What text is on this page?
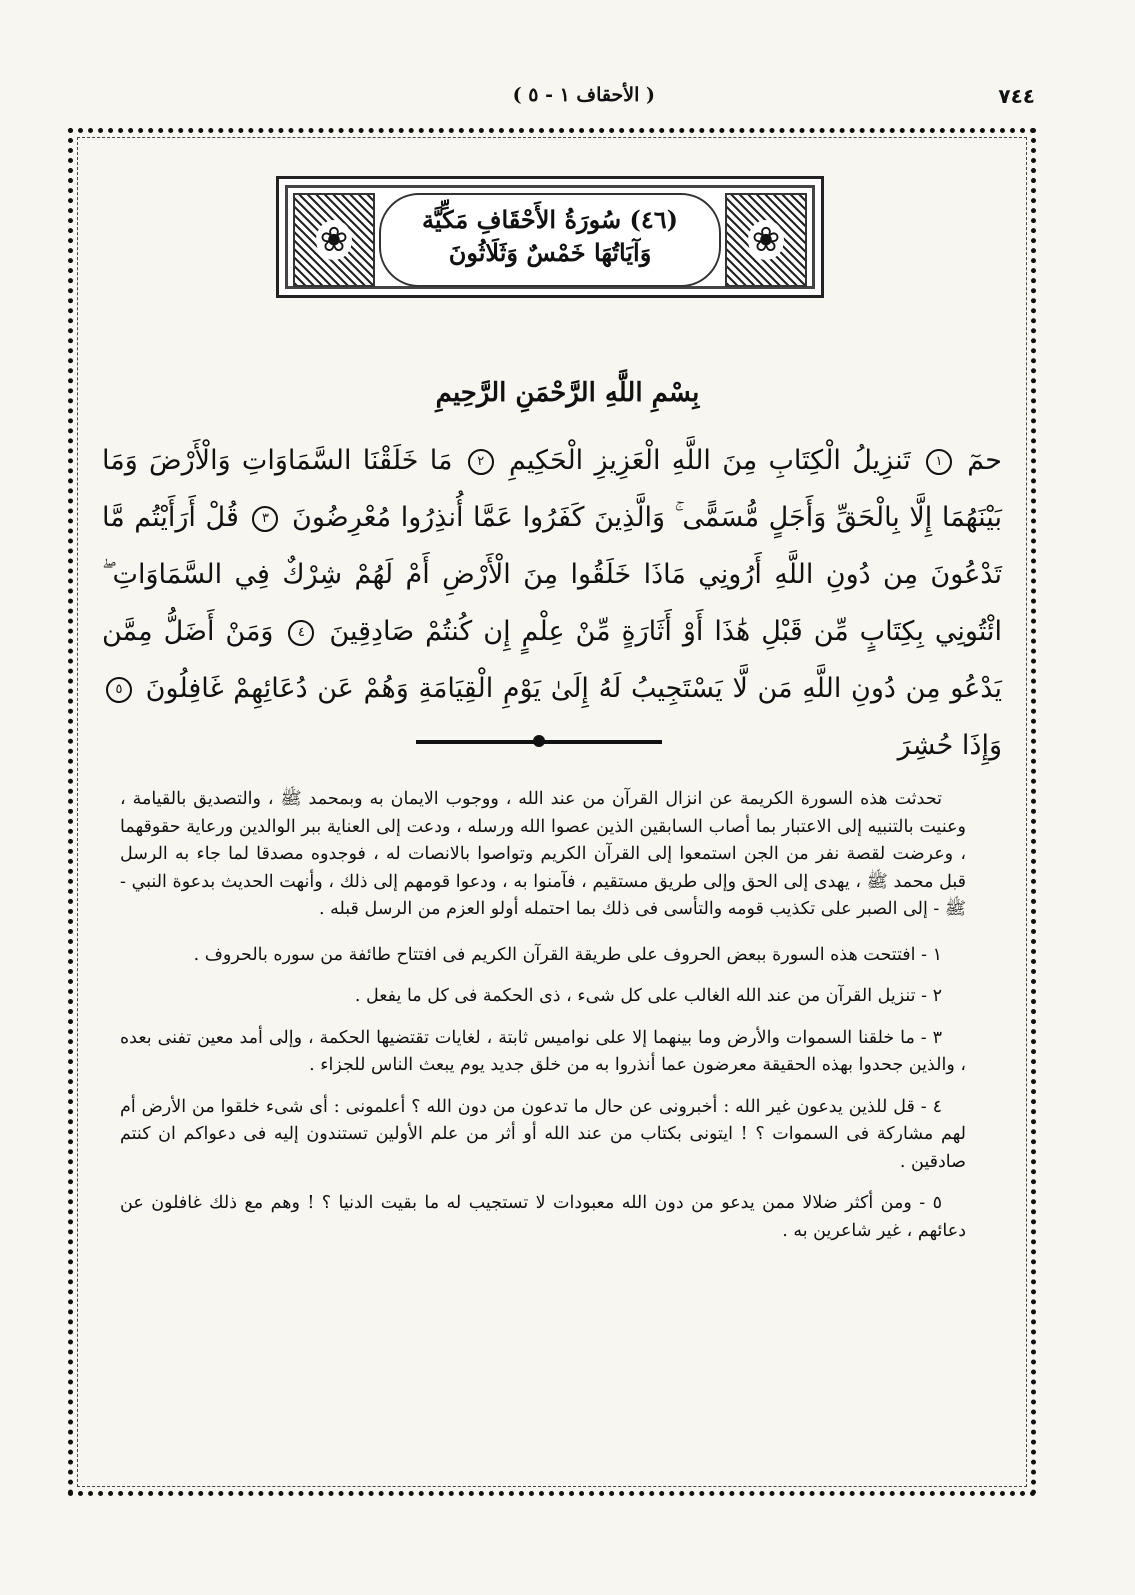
٧٤٤
( الأحقاف ١ - ٥ )
❀
(٤٦) سُورَةُ الأَحْقَافِ مَكِّيَّة
وَآيَاتُهَا خَمْسٌ وَثَلَاثُونَ
❀
بِسْمِ اللَّهِ الرَّحْمَنِ الرَّحِيمِ
حمٓ ١ تَنزِيلُ الْكِتَابِ مِنَ اللَّهِ الْعَزِيزِ الْحَكِيمِ ٢ مَا خَلَقْنَا السَّمَاوَاتِ وَالْأَرْضَ وَمَا بَيْنَهُمَا إِلَّا بِالْحَقِّ وَأَجَلٍ مُّسَمًّى ۚ وَالَّذِينَ كَفَرُوا عَمَّا أُنذِرُوا مُعْرِضُونَ ٣ قُلْ أَرَأَيْتُم مَّا تَدْعُونَ مِن دُونِ اللَّهِ أَرُونِي مَاذَا خَلَقُوا مِنَ الْأَرْضِ أَمْ لَهُمْ شِرْكٌ فِي السَّمَاوَاتِ ۖ ائْتُونِي بِكِتَابٍ مِّن قَبْلِ هَٰذَا أَوْ أَثَارَةٍ مِّنْ عِلْمٍ إِن كُنتُمْ صَادِقِينَ ٤ وَمَنْ أَضَلُّ مِمَّن يَدْعُو مِن دُونِ اللَّهِ مَن لَّا يَسْتَجِيبُ لَهُ إِلَىٰ يَوْمِ الْقِيَامَةِ وَهُمْ عَن دُعَائِهِمْ غَافِلُونَ ٥ وَإِذَا حُشِرَ

تحدثت هذه السورة الكريمة عن انزال القرآن من عند الله ، ووجوب الايمان به وبمحمد ﷺ ، والتصديق بالقيامة ، وعنيت بالتنبيه إلى الاعتبار بما أصاب السابقين الذين عصوا الله ورسله ، ودعت إلى العناية ببر الوالدين ورعاية حقوقهما ، وعرضت لقصة نفر من الجن استمعوا إلى القرآن الكريم وتواصوا بالانصات له ، فوجدوه مصدقا لما جاء به الرسل قبل محمد ﷺ ، يهدى إلى الحق وإلى طريق مستقيم ، فآمنوا به ، ودعوا قومهم إلى ذلك ، وأنهت الحديث بدعوة النبي - ﷺ - إلى الصبر على تكذيب قومه والتأسى فى ذلك بما احتمله أولو العزم من الرسل قبله .

١ - افتتحت هذه السورة ببعض الحروف على طريقة القرآن الكريم فى افتتاح طائفة من سوره بالحروف .

٢ - تنزيل القرآن من عند الله الغالب على كل شىء ، ذى الحكمة فى كل ما يفعل .

٣ - ما خلقنا السموات والأرض وما بينهما إلا على نواميس ثابتة ، لغايات تقتضيها الحكمة ، وإلى أمد معين تفنى بعده ، والذين جحدوا بهذه الحقيقة معرضون عما أنذروا به من خلق جديد يوم يبعث الناس للجزاء .

٤ - قل للذين يدعون غير الله : أخبرونى عن حال ما تدعون من دون الله ؟ أعلمونى : أى شىء خلقوا من الأرض أم لهم مشاركة فى السموات ؟ ! ايتونى بكتاب من عند الله أو أثر من علم الأولين تستندون إليه فى دعواكم ان كنتم صادقين .

٥ - ومن أكثر ضلالا ممن يدعو من دون الله معبودات لا تستجيب له ما بقيت الدنيا ؟ ! وهم مع ذلك غافلون عن دعائهم ، غير شاعرين به .
